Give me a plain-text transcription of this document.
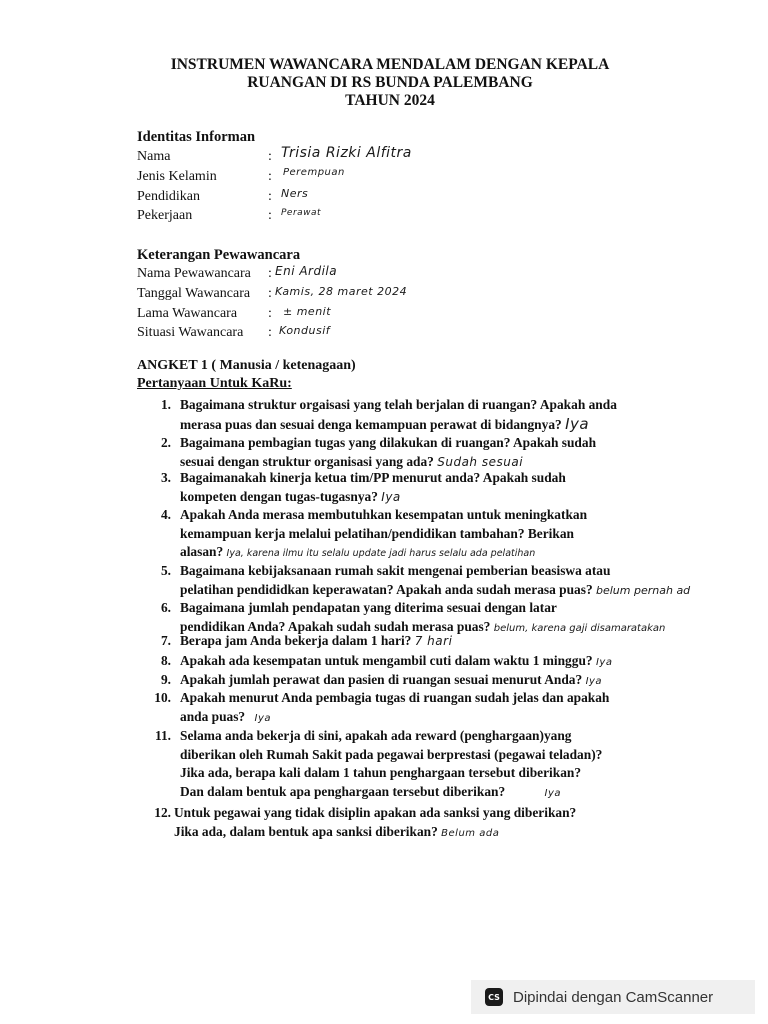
INSTRUMEN WAWANCARA MENDALAM DENGAN KEPALA
RUANGAN DI RS BUNDA PALEMBANG
TAHUN 2024
Identitas Informan
Nama	: Trisia Rizki Alfitra
Jenis Kelamin	: Perempuan
Pendidikan	: Ners
Pekerjaan	: Perawat
Keterangan Pewawancara
Nama Pewawancara : Eni Ardila
Tanggal Wawancara : Kamis, 28 maret 2024
Lama Wawancara : ± menit
Situasi Wawancara : Kondusif
ANGKET 1 ( Manusia / ketenagaan)
Pertanyaan Untuk KaRu:
1. Bagaimana struktur orgaisasi yang telah berjalan di ruangan? Apakah anda
merasa puas dan sesuai denga kemampuan perawat di bidangnya? Iya
2. Bagaimana pembagian tugas yang dilakukan di ruangan? Apakah sudah
sesuai dengan struktur organisasi yang ada? Sudah sesuai
3. Bagaimanakah kinerja ketua tim/PP menurut anda? Apakah sudah
kompeten dengan tugas-tugasnya? Iya
4. Apakah Anda merasa membutuhkan kesempatan untuk meningkatkan
kemampuan kerja melalui pelatihan/pendidikan tambahan? Berikan
alasan? Iya, karena ilmu itu selalu update jadi harus selalu ada pelatihan
5. Bagaimana kebijaksanaan rumah sakit mengenai pemberian beasiswa atau
pelatihan pendididkan keperawatan? Apakah anda sudah merasa puas? belum pernah ad
6. Bagaimana jumlah pendapatan yang diterima sesuai dengan latar
pendidikan Anda? Apakah sudah sudah merasa puas? belum, karena gaji disamaratakan
7. Berapa jam Anda bekerja dalam 1 hari? 7 hari
8. Apakah ada kesempatan untuk mengambil cuti dalam waktu 1 minggu? Iya
9. Apakah jumlah perawat dan pasien di ruangan sesuai menurut Anda? Iya
10. Apakah menurut Anda pembagia tugas di ruangan sudah jelas dan apakah
anda puas? Iya
11. Selama anda bekerja di sini, apakah ada reward (penghargaan)yang
diberikan oleh Rumah Sakit pada pegawai berprestasi (pegawai teladan)?
Jika ada, berapa kali dalam 1 tahun penghargaan tersebut diberikan?
Dan dalam bentuk apa penghargaan tersebut diberikan?	Iya
12. Untuk pegawai yang tidak disiplin apakan ada sanksi yang diberikan?
Jika ada, dalam bentuk apa sanksi diberikan? Belum ada
CS Dipindai dengan CamScanner
